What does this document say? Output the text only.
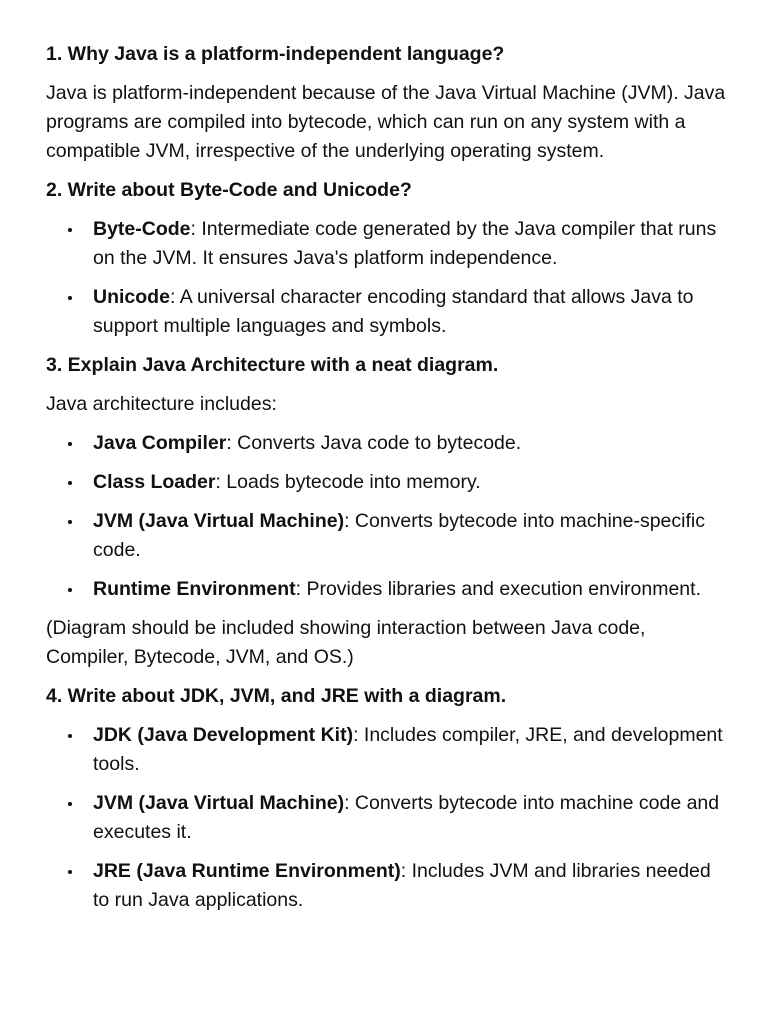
1. Why Java is a platform-independent language?
Java is platform-independent because of the Java Virtual Machine (JVM). Java programs are compiled into bytecode, which can run on any system with a compatible JVM, irrespective of the underlying operating system.
2. Write about Byte-Code and Unicode?
Byte-Code: Intermediate code generated by the Java compiler that runs on the JVM. It ensures Java's platform independence.
Unicode: A universal character encoding standard that allows Java to support multiple languages and symbols.
3. Explain Java Architecture with a neat diagram.
Java architecture includes:
Java Compiler: Converts Java code to bytecode.
Class Loader: Loads bytecode into memory.
JVM (Java Virtual Machine): Converts bytecode into machine-specific code.
Runtime Environment: Provides libraries and execution environment.
(Diagram should be included showing interaction between Java code, Compiler, Bytecode, JVM, and OS.)
4. Write about JDK, JVM, and JRE with a diagram.
JDK (Java Development Kit): Includes compiler, JRE, and development tools.
JVM (Java Virtual Machine): Converts bytecode into machine code and executes it.
JRE (Java Runtime Environment): Includes JVM and libraries needed to run Java applications.
